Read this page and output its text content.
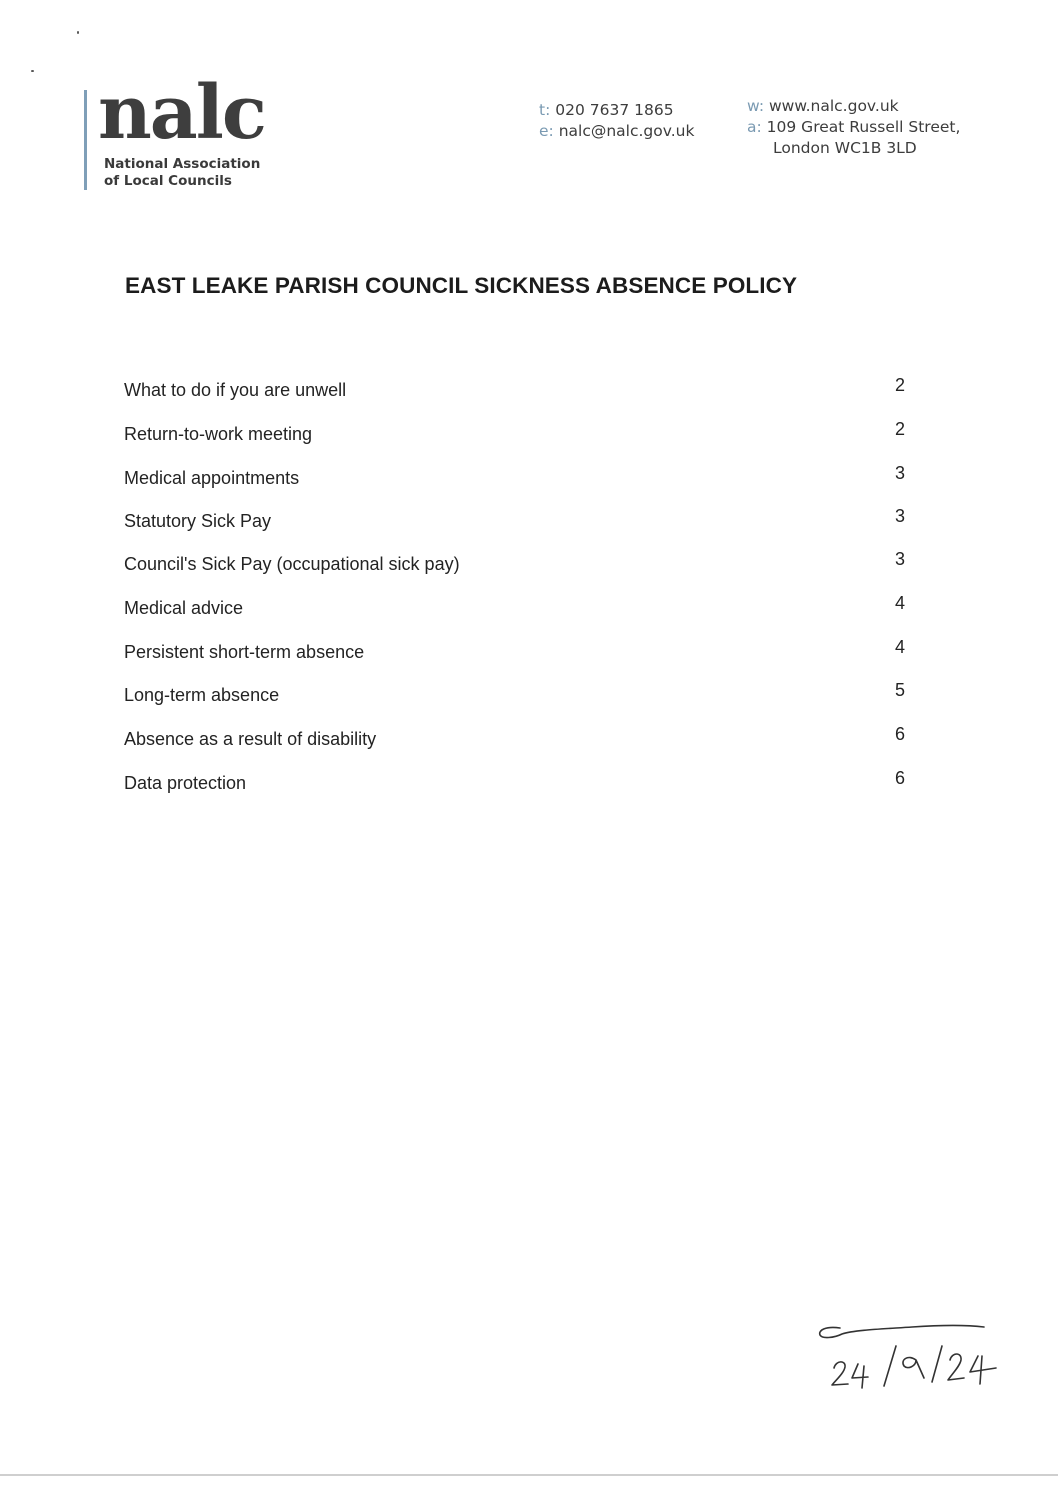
nalc
National Association
of Local Councils
t: 020 7637 1865
e: nalc@nalc.gov.uk
w: www.nalc.gov.uk
a: 109 Great Russell Street,
London WC1B 3LD
EAST LEAKE PARISH COUNCIL SICKNESS ABSENCE POLICY
What to do if you are unwell	2
Return-to-work meeting	2
Medical appointments	3
Statutory Sick Pay	3
Council's Sick Pay (occupational sick pay)	3
Medical advice	4
Persistent short-term absence	4
Long-term absence	5
Absence as a result of disability	6
Data protection	6
